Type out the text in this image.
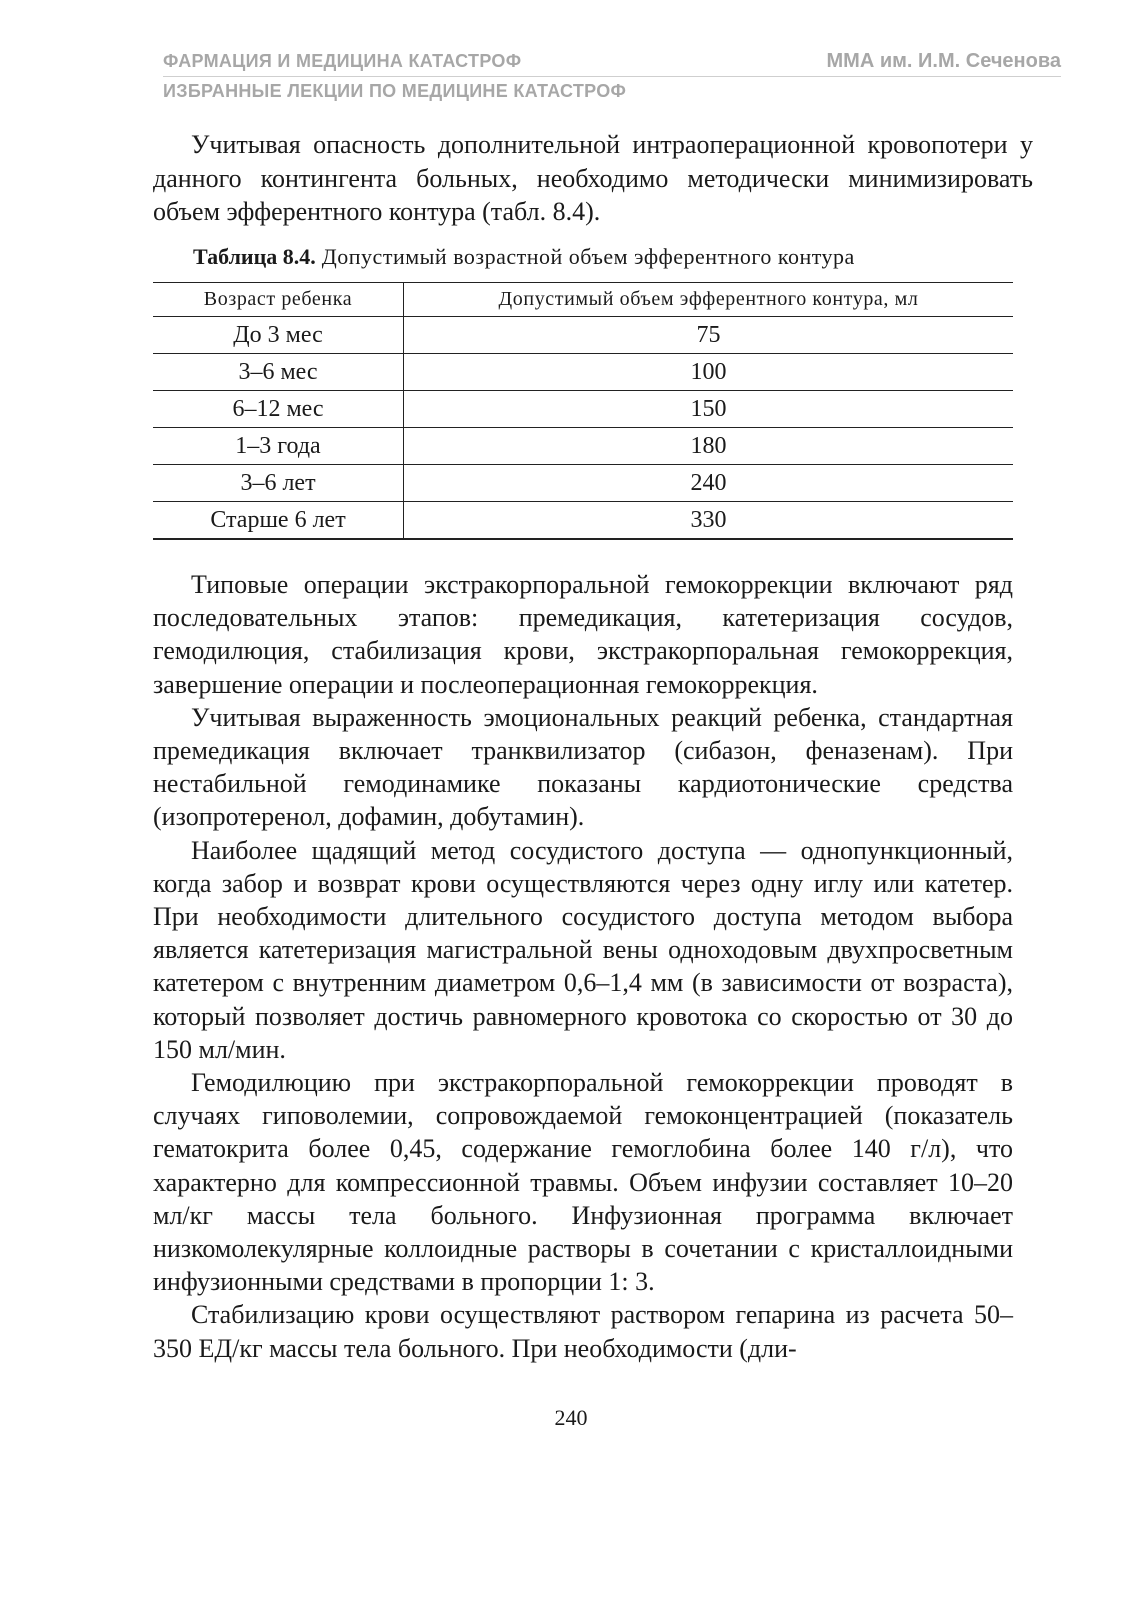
ФАРМАЦИЯ И МЕДИЦИНА КАТАСТРОФ	ММА им. И.М. Сеченова
ИЗБРАННЫЕ ЛЕКЦИИ ПО МЕДИЦИНЕ КАТАСТРОФ

Учитывая опасность дополнительной интраоперационной кровопотери у данного контингента больных, необходимо методически минимизировать объем эфферентного контура (табл. 8.4).

Таблица 8.4. Допустимый возрастной объем эфферентного контура
Возраст ребенка	Допустимый объем эфферентного контура, мл
До 3 мес	75
3–6 мес	100
6–12 мес	150
1–3 года	180
3–6 лет	240
Старше 6 лет	330

Типовые операции экстракорпоральной гемокоррекции включают ряд последовательных этапов: премедикация, катетеризация сосудов, гемодилюция, стабилизация крови, экстракорпоральная гемокоррекция, завершение операции и послеоперационная гемокоррекция.

Учитывая выраженность эмоциональных реакций ребенка, стандартная премедикация включает транквилизатор (сибазон, феназенам). При нестабильной гемодинамике показаны кардиотонические средства (изопротеренол, дофамин, добутамин).

Наиболее щадящий метод сосудистого доступа — однопункционный, когда забор и возврат крови осуществляются через одну иглу или катетер. При необходимости длительного сосудистого доступа методом выбора является катетеризация магистральной вены однoходовым двухпросветным катетером с внутренним диаметром 0,6–1,4 мм (в зависимости от возраста), который позволяет достичь равномерного кровотока со скоростью от 30 до 150 мл/мин.

Гемодилюцию при экстракорпоральной гемокоррекции проводят в случаях гиповолемии, сопровождаемой гемоконцентрацией (показатель гематокрита более 0,45, содержание гемоглобина более 140 г/л), что характерно для компрессионной травмы. Объем инфузии составляет 10–20 мл/кг массы тела больного. Инфузионная программа включает низкомолекулярные коллоидные растворы в сочетании с кристаллоидными инфузионными средствами в пропорции 1: 3.

Стабилизацию крови осуществляют раствором гепарина из расчета 50–350 ЕД/кг массы тела больного. При необходимости (дли-

240
